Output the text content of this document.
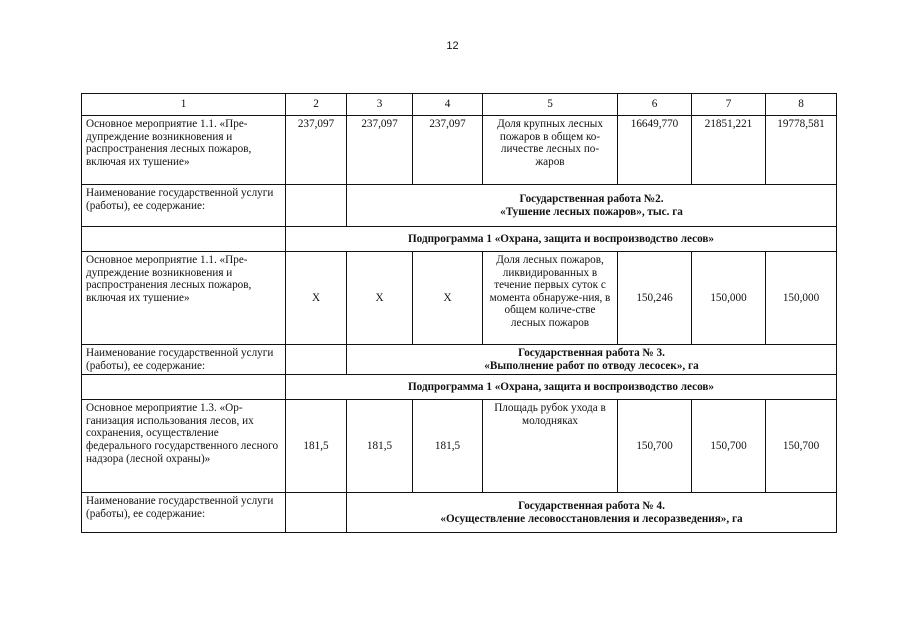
12
1	2	3	4	5	6	7	8
Основное мероприятие 1.1. «Пре-дупреждение возникновения и распространения лесных пожаров, включая их тушение»	237,097	237,097	237,097	Доля крупных лесных пожаров в общем ко-личестве лесных по-жаров	16649,770	21851,221	19778,581
Наименование государственной услуги (работы), ее содержание:		Государственная работа №2.
«Тушение лесных пожаров», тыс. га					

	Подпрограмма 1 «Охрана, защита и воспроизводство лесов»						
Основное мероприятие 1.1. «Пре-дупреждение возникновения и распространения лесных пожаров, включая их тушение»	Х	Х	Х	Доля лесных пожаров, ликвидированных в течение первых суток с момента обнаруже-ния, в общем количе-стве лесных пожаров	150,246	150,000	150,000
Наименование государственной услуги (работы), ее содержание:		Государственная работа № 3.
«Выполнение работ по отводу лесосек», га					

	Подпрограмма 1 «Охрана, защита и воспроизводство лесов»						
Основное мероприятие 1.3. «Ор-ганизация использования лесов, их сохранения, осуществление федерального государственного лесного надзора (лесной охраны)»	181,5	181,5	181,5	Площадь рубок ухода в молодняках	150,700	150,700	150,700
Наименование государственной услуги (работы), ее содержание:		Государственная работа № 4.
«Осуществление лесовосстановления и лесоразведения», га					
